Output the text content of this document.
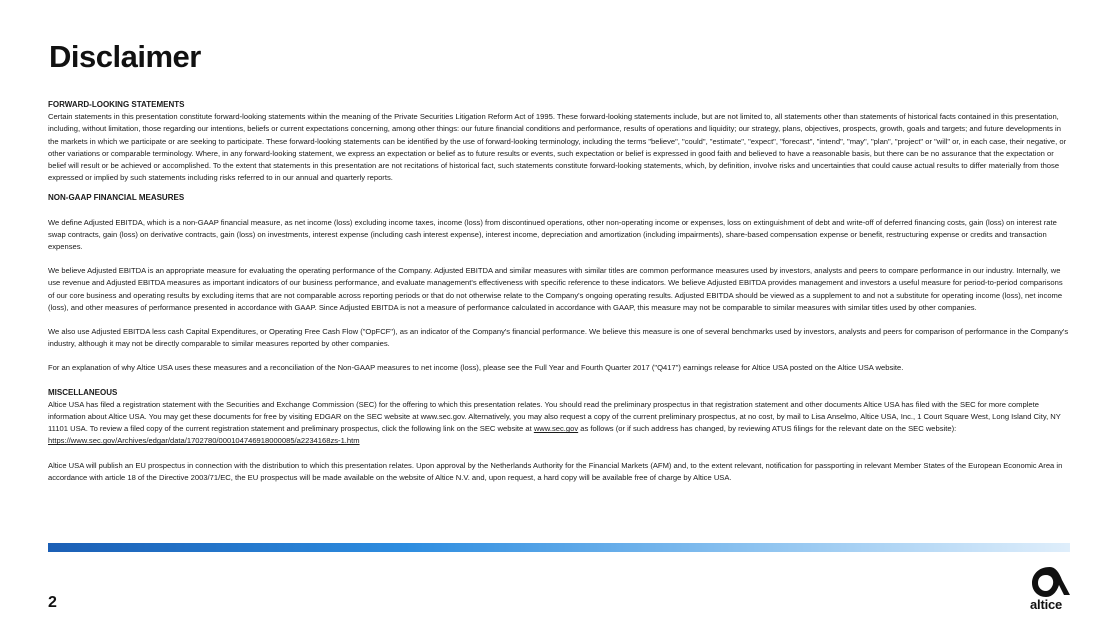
Disclaimer

FORWARD-LOOKING STATEMENTS

Certain statements in this presentation constitute forward-looking statements within the meaning of the Private Securities Litigation Reform Act of 1995. These forward-looking statements include, but are not limited to, all statements other than statements of historical facts contained in this presentation, including, without limitation, those regarding our intentions, beliefs or current expectations concerning, among other things: our future financial conditions and performance, results of operations and liquidity; our strategy, plans, objectives, prospects, growth, goals and targets; and future developments in the markets in which we participate or are seeking to participate. These forward-looking statements can be identified by the use of forward-looking terminology, including the terms "believe", "could", "estimate", "expect", "forecast", "intend", "may", "plan", "project" or "will" or, in each case, their negative, or other variations or comparable terminology. Where, in any forward-looking statement, we express an expectation or belief as to future results or events, such expectation or belief is expressed in good faith and believed to have a reasonable basis, but there can be no assurance that the expectation or belief will result or be achieved or accomplished. To the extent that statements in this presentation are not recitations of historical fact, such statements constitute forward-looking statements, which, by definition, involve risks and uncertainties that could cause actual results to differ materially from those expressed or implied by such statements including risks referred to in our annual and quarterly reports.

NON-GAAP FINANCIAL MEASURES

We define Adjusted EBITDA, which is a non-GAAP financial measure, as net income (loss) excluding income taxes, income (loss) from discontinued operations, other non-operating income or expenses, loss on extinguishment of debt and write-off of deferred financing costs, gain (loss) on interest rate swap contracts, gain (loss) on derivative contracts, gain (loss) on investments, interest expense (including cash interest expense), interest income, depreciation and amortization (including impairments), share-based compensation expense or benefit, restructuring expense or credits and transaction expenses.

We believe Adjusted EBITDA is an appropriate measure for evaluating the operating performance of the Company. Adjusted EBITDA and similar measures with similar titles are common performance measures used by investors, analysts and peers to compare performance in our industry. Internally, we use revenue and Adjusted EBITDA measures as important indicators of our business performance, and evaluate management's effectiveness with specific reference to these indicators. We believe Adjusted EBITDA provides management and investors a useful measure for period-to-period comparisons of our core business and operating results by excluding items that are not comparable across reporting periods or that do not otherwise relate to the Company's ongoing operating results. Adjusted EBITDA should be viewed as a supplement to and not a substitute for operating income (loss), net income (loss), and other measures of performance presented in accordance with GAAP. Since Adjusted EBITDA is not a measure of performance calculated in accordance with GAAP, this measure may not be comparable to similar measures with similar titles used by other companies.

We also use Adjusted EBITDA less cash Capital Expenditures, or Operating Free Cash Flow ("OpFCF"), as an indicator of the Company's financial performance. We believe this measure is one of several benchmarks used by investors, analysts and peers for comparison of performance in the Company's industry, although it may not be directly comparable to similar measures reported by other companies.

For an explanation of why Altice USA uses these measures and a reconciliation of the Non-GAAP measures to net income (loss), please see the Full Year and Fourth Quarter 2017 ("Q417") earnings release for Altice USA posted on the Altice USA website.

MISCELLANEOUS

Altice USA has filed a registration statement with the Securities and Exchange Commission (SEC) for the offering to which this presentation relates. You should read the preliminary prospectus in that registration statement and other documents Altice USA has filed with the SEC for more complete information about Altice USA. You may get these documents for free by visiting EDGAR on the SEC website at www.sec.gov. Alternatively, you may also request a copy of the current preliminary prospectus, at no cost, by mail to Lisa Anselmo, Altice USA, Inc., 1 Court Square West, Long Island City, NY 11101 USA. To review a filed copy of the current registration statement and preliminary prospectus, click the following link on the SEC website at www.sec.gov as follows (or if such address has changed, by reviewing ATUS filings for the relevant date on the SEC website):

https://www.sec.gov/Archives/edgar/data/1702780/000104746918000085/a2234168zs-1.htm

Altice USA will publish an EU prospectus in connection with the distribution to which this presentation relates. Upon approval by the Netherlands Authority for the Financial Markets (AFM) and, to the extent relevant, notification for passporting in relevant Member States of the European Economic Area in accordance with article 18 of the Directive 2003/71/EC, the EU prospectus will be made available on the website of Altice N.V. and, upon request, a hard copy will be available free of charge by Altice USA.

2	altice
